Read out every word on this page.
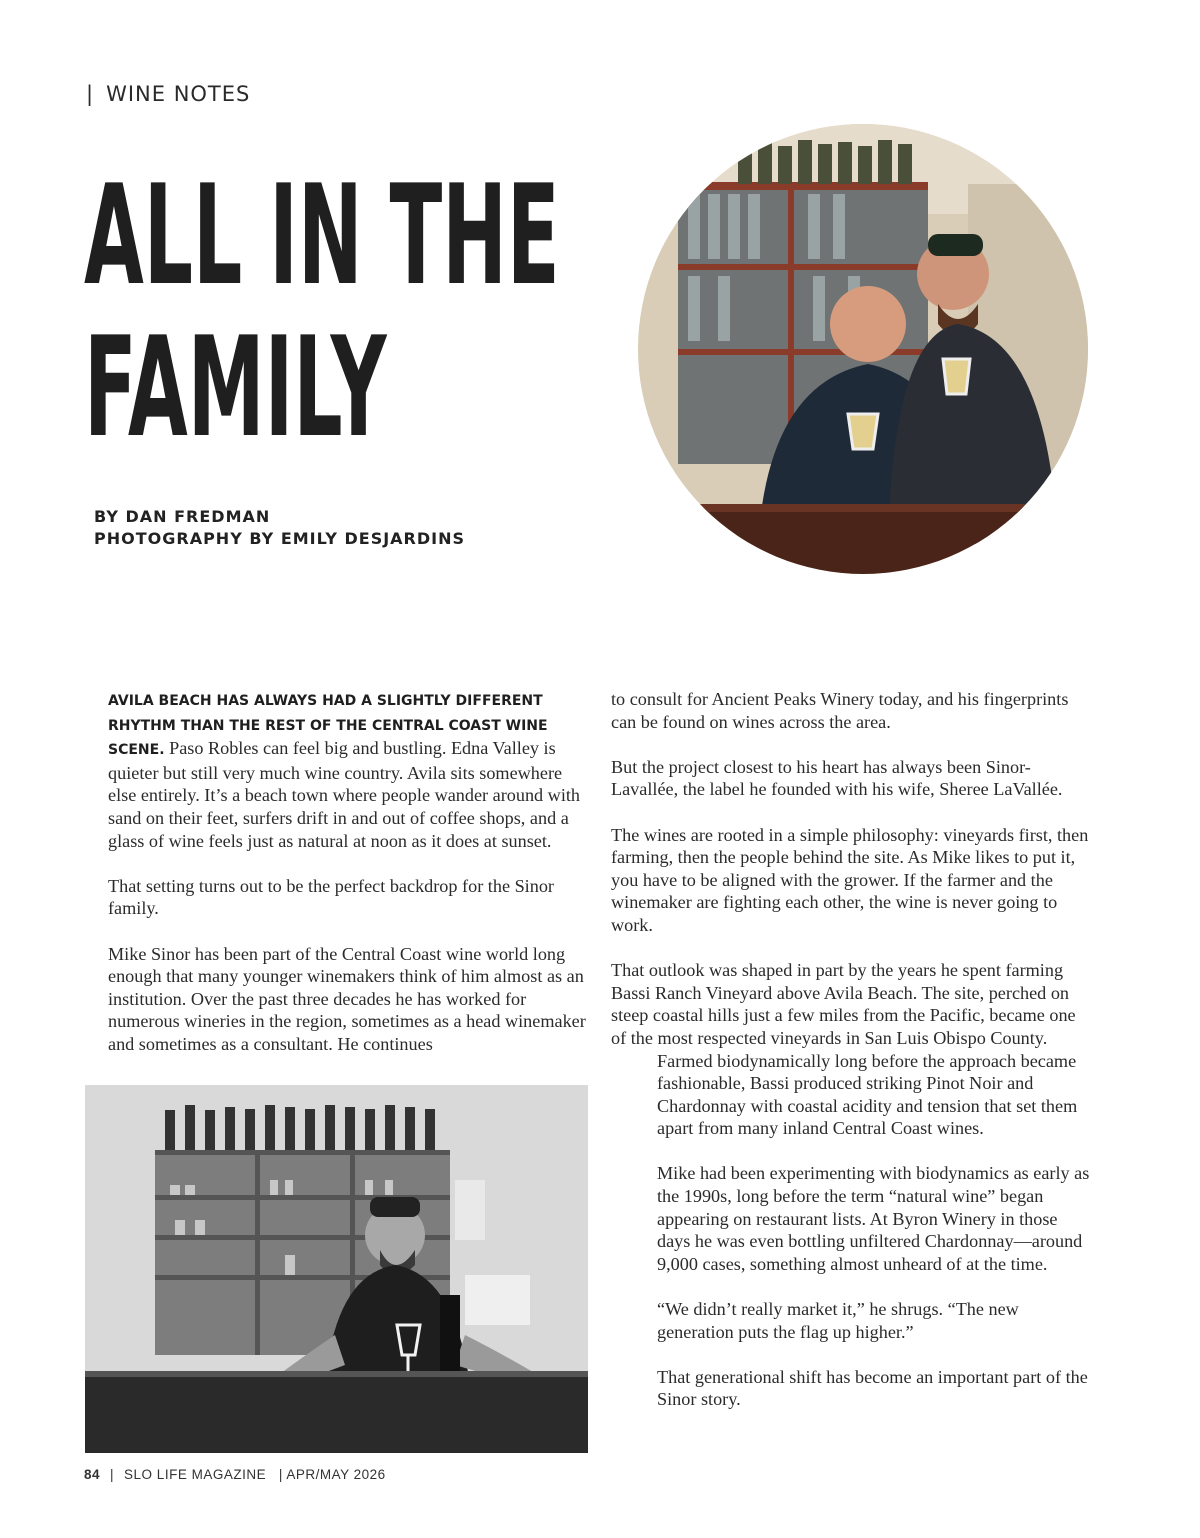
| WINE NOTES
ALL IN THE
FAMILY
BY DAN FREDMAN
PHOTOGRAPHY BY EMILY DESJARDINS

AVILA BEACH HAS ALWAYS HAD A SLIGHTLY DIFFERENT RHYTHM THAN THE REST OF THE CENTRAL COAST WINE SCENE. Paso Robles can feel big and bustling. Edna Valley is quieter but still very much wine country. Avila sits somewhere else entirely. It’s a beach town where people wander around with sand on their feet, surfers drift in and out of coffee shops, and a glass of wine feels just as natural at noon as it does at sunset.

That setting turns out to be the perfect backdrop for the Sinor family.

Mike Sinor has been part of the Central Coast wine world long enough that many younger winemakers think of him almost as an institution. Over the past three decades he has worked for numerous wineries in the region, sometimes as a head winemaker and sometimes as a consultant. He continues

to consult for Ancient Peaks Winery today, and his fingerprints can be found on wines across the area.

But the project closest to his heart has always been Sinor-Lavallée, the label he founded with his wife, Sheree LaVallée.

The wines are rooted in a simple philosophy: vineyards first, then farming, then the people behind the site. As Mike likes to put it, you have to be aligned with the grower. If the farmer and the winemaker are fighting each other, the wine is never going to work.

That outlook was shaped in part by the years he spent farming Bassi Ranch Vineyard above Avila Beach. The site, perched on steep coastal hills just a few miles from the Pacific, became one of the most respected vineyards in San Luis Obispo County.

Farmed biodynamically long before the approach became fashionable, Bassi produced striking Pinot Noir and Chardonnay with coastal acidity and tension that set them apart from many inland Central Coast wines.

Mike had been experimenting with biodynamics as early as the 1990s, long before the term “natural wine” began appearing on restaurant lists. At Byron Winery in those days he was even bottling unfiltered Chardonnay—around 9,000 cases, something almost unheard of at the time.

“We didn’t really market it,” he shrugs. “The new generation puts the flag up higher.”

That generational shift has become an important part of the Sinor story.

84 | SLO LIFE MAGAZINE | APR/MAY 2026
